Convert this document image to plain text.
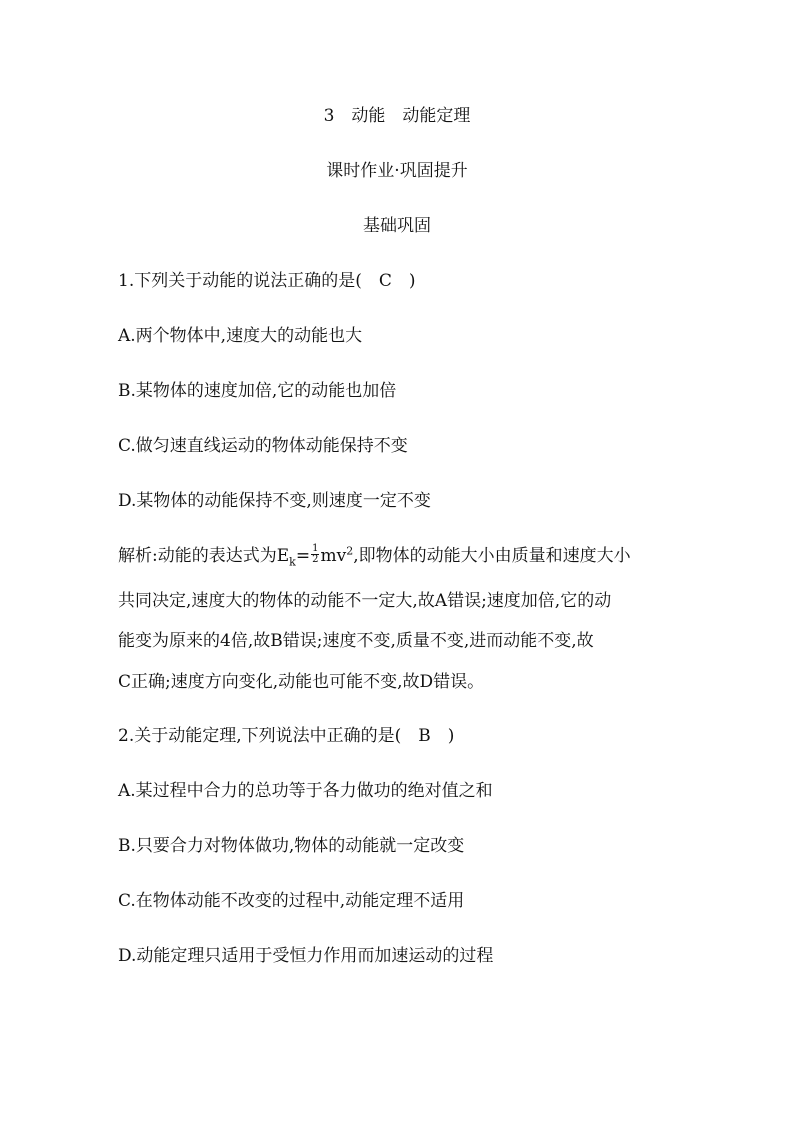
3　动能　动能定理
课时作业·巩固提升
基础巩固
1.下列关于动能的说法正确的是(　C　)
A.两个物体中,速度大的动能也大
B.某物体的速度加倍,它的动能也加倍
C.做匀速直线运动的物体动能保持不变
D.某物体的动能保持不变,则速度一定不变
解析:动能的表达式为$E_k= \frac{1}{2} mv^2$,即物体的动能大小由质量和速度大小
共同决定,速度大的物体的动能不一定大,故A错误;速度加倍,它的动
能变为原来的4倍,故B错误;速度不变,质量不变,进而动能不变,故
C正确;速度方向变化,动能也可能不变,故D错误。
2.关于动能定理,下列说法中正确的是(　B　)
A.某过程中合力的总功等于各力做功的绝对值之和
B.只要合力对物体做功,物体的动能就一定改变
C.在物体动能不改变的过程中,动能定理不适用
D.动能定理只适用于受恒力作用而加速运动的过程
